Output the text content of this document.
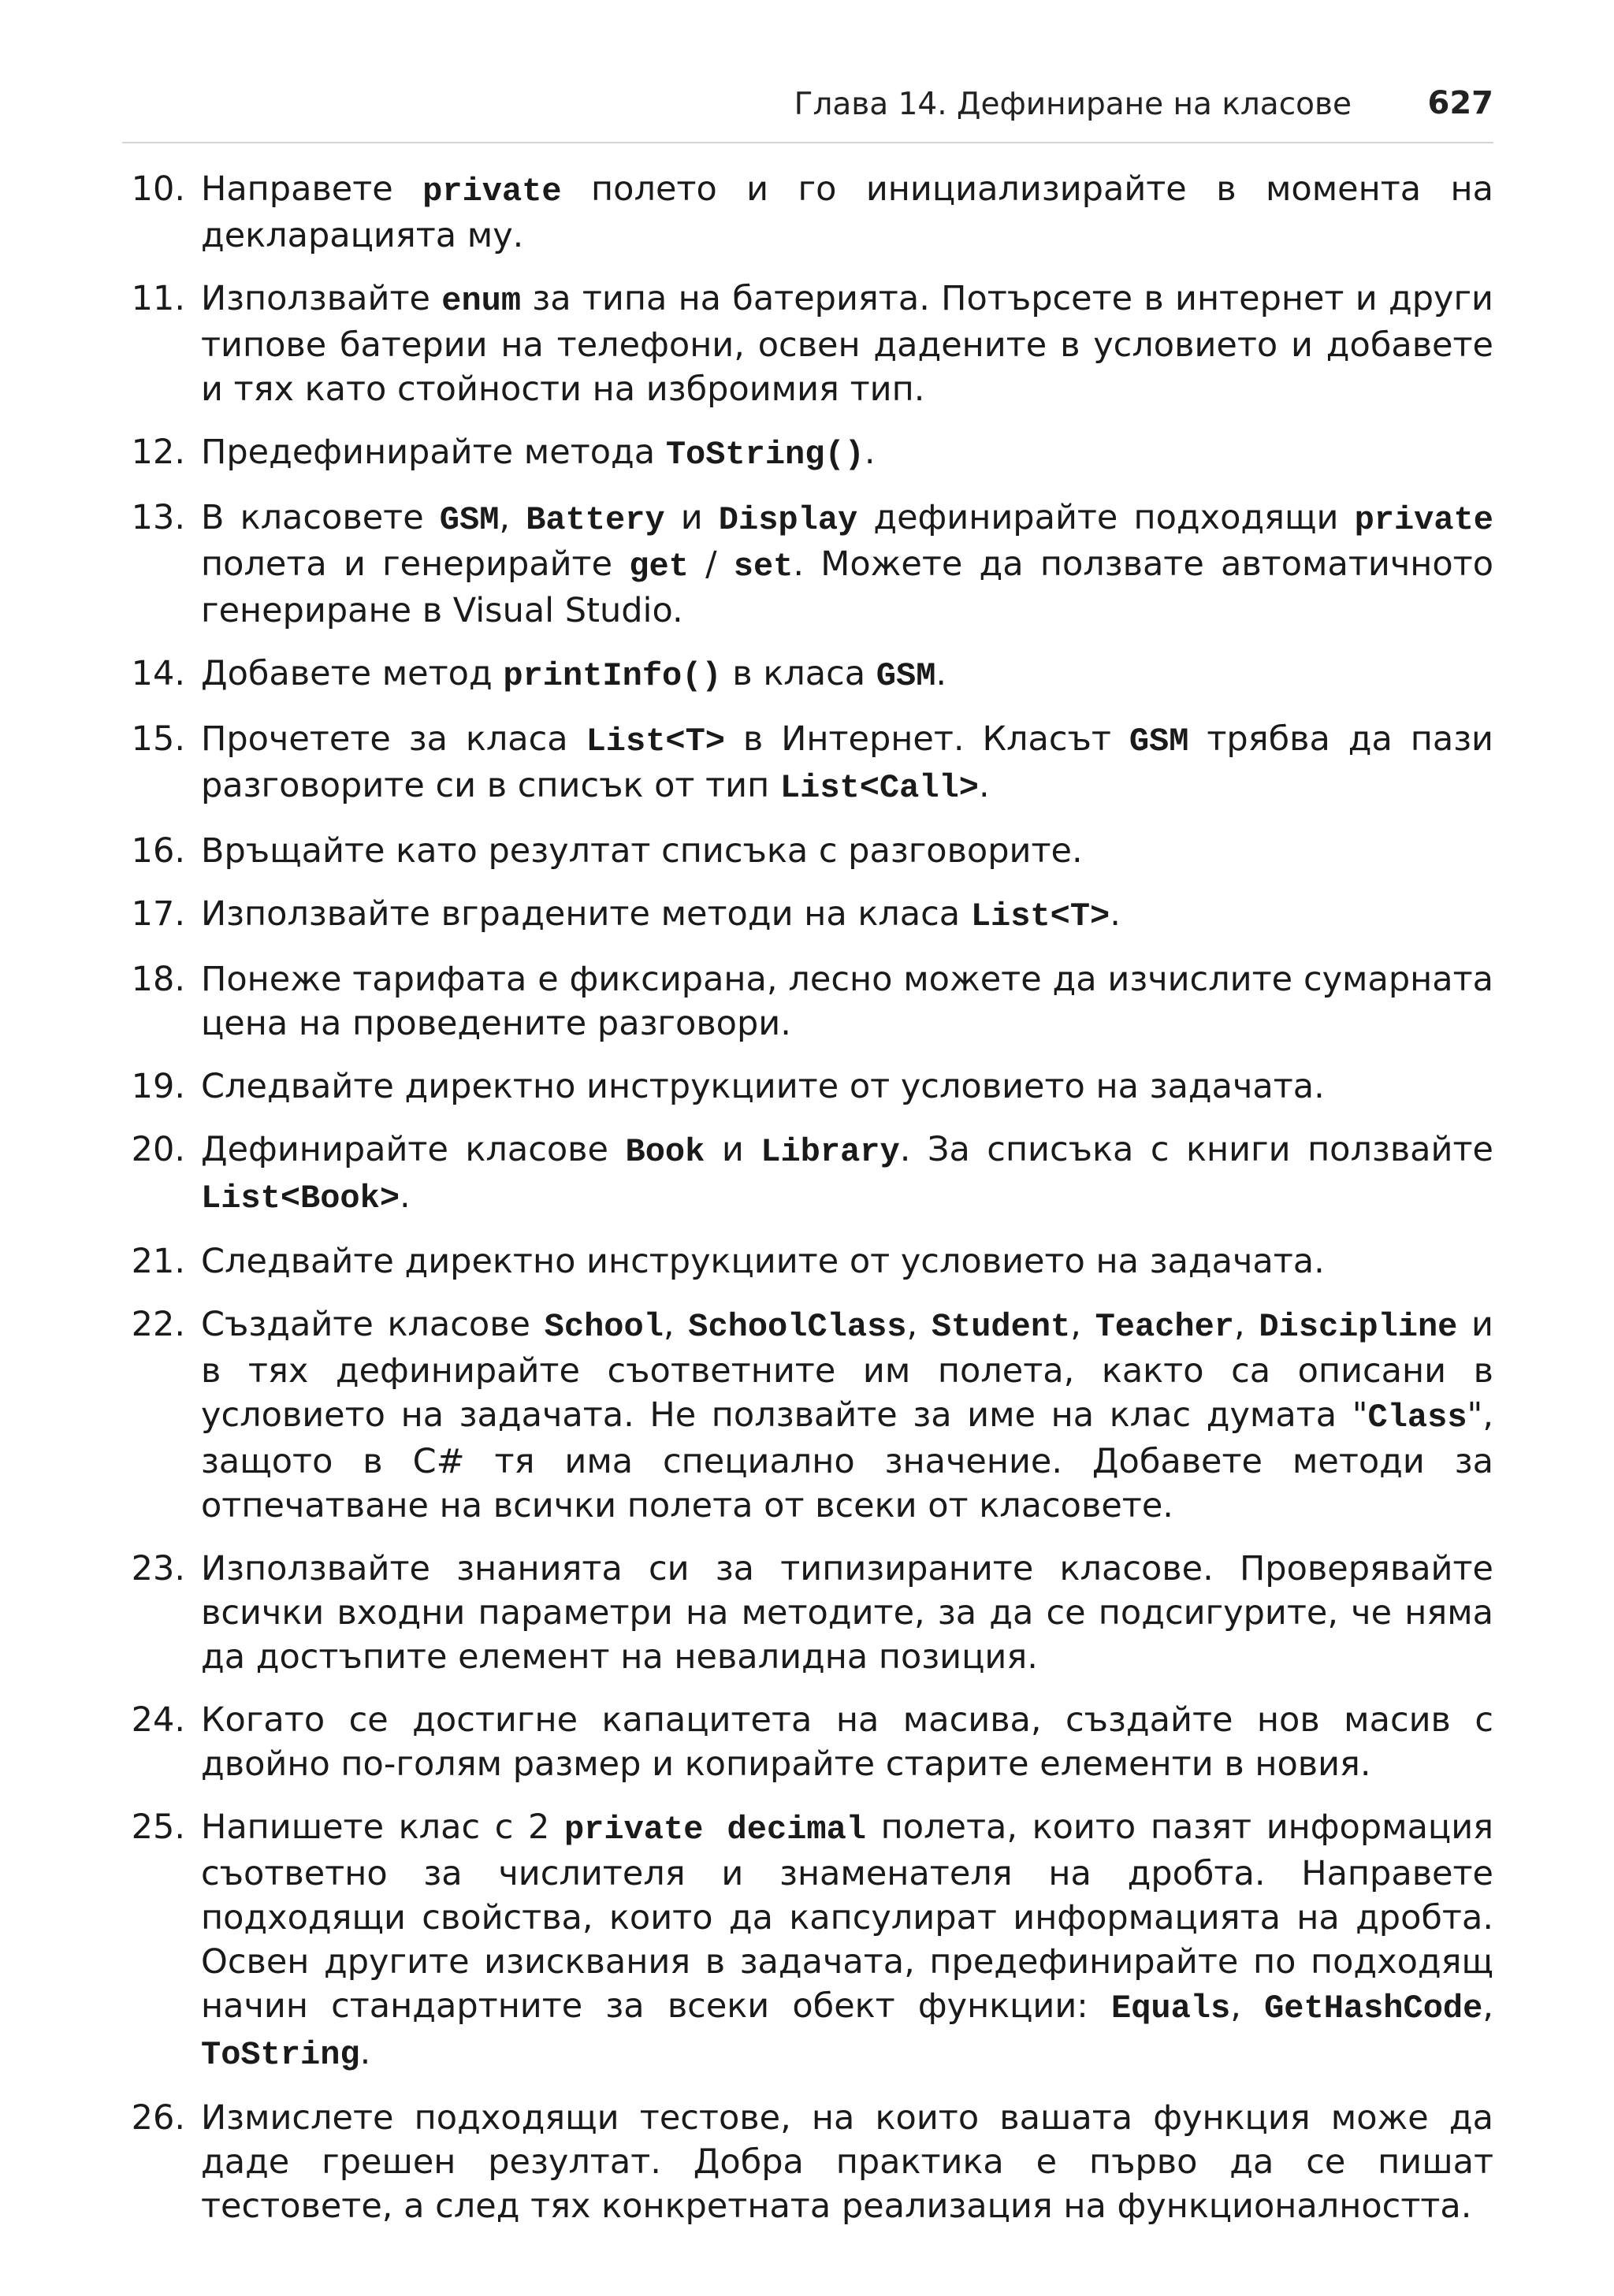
Глава 14. Дефиниране на класове 627
10. Направете private полето и го инициализирайте в момента на декларацията му.
11. Използвайте enum за типа на батерията. Потърсете в интернет и други типове батерии на телефони, освен дадените в условието и добавете и тях като стойности на изброимия тип.
12. Предефинирайте метода ToString().
13. В класовете GSM, Battery и Display дефинирайте подходящи private полета и генерирайте get / set. Можете да ползвате автоматичното генериране в Visual Studio.
14. Добавете метод printInfo() в класа GSM.
15. Прочетете за класа List<T> в Интернет. Класът GSM трябва да пази разговорите си в списък от тип List<Call>.
16. Връщайте като резултат списъка с разговорите.
17. Използвайте вградените методи на класа List<T>.
18. Понеже тарифата е фиксирана, лесно можете да изчислите сумарната цена на проведените разговори.
19. Следвайте директно инструкциите от условието на задачата.
20. Дефинирайте класове Book и Library. За списъка с книги ползвайте List<Book>.
21. Следвайте директно инструкциите от условието на задачата.
22. Създайте класове School, SchoolClass, Student, Teacher, Discipline и в тях дефинирайте съответните им полета, както са описани в условието на задачата. Не ползвайте за име на клас думата "Class", защото в C# тя има специално значение. Добавете методи за отпечатване на всички полета от всеки от класовете.
23. Използвайте знанията си за типизираните класове. Проверявайте всички входни параметри на методите, за да се подсигурите, че няма да достъпите елемент на невалидна позиция.
24. Когато се достигне капацитета на масива, създайте нов масив с двойно по-голям размер и копирайте старите елементи в новия.
25. Напишете клас с 2 private decimal полета, които пазят информация съответно за числителя и знаменателя на дробта. Направете подходящи свойства, които да капсулират информацията на дробта. Освен другите изисквания в задачата, предефинирайте по подходящ начин стандартните за всеки обект функции: Equals, GetHashCode, ToString.
26. Измислете подходящи тестове, на които вашата функция може да даде грешен резултат. Добра практика е първо да се пишат тестовете, а след тях конкретната реализация на функционалността.
